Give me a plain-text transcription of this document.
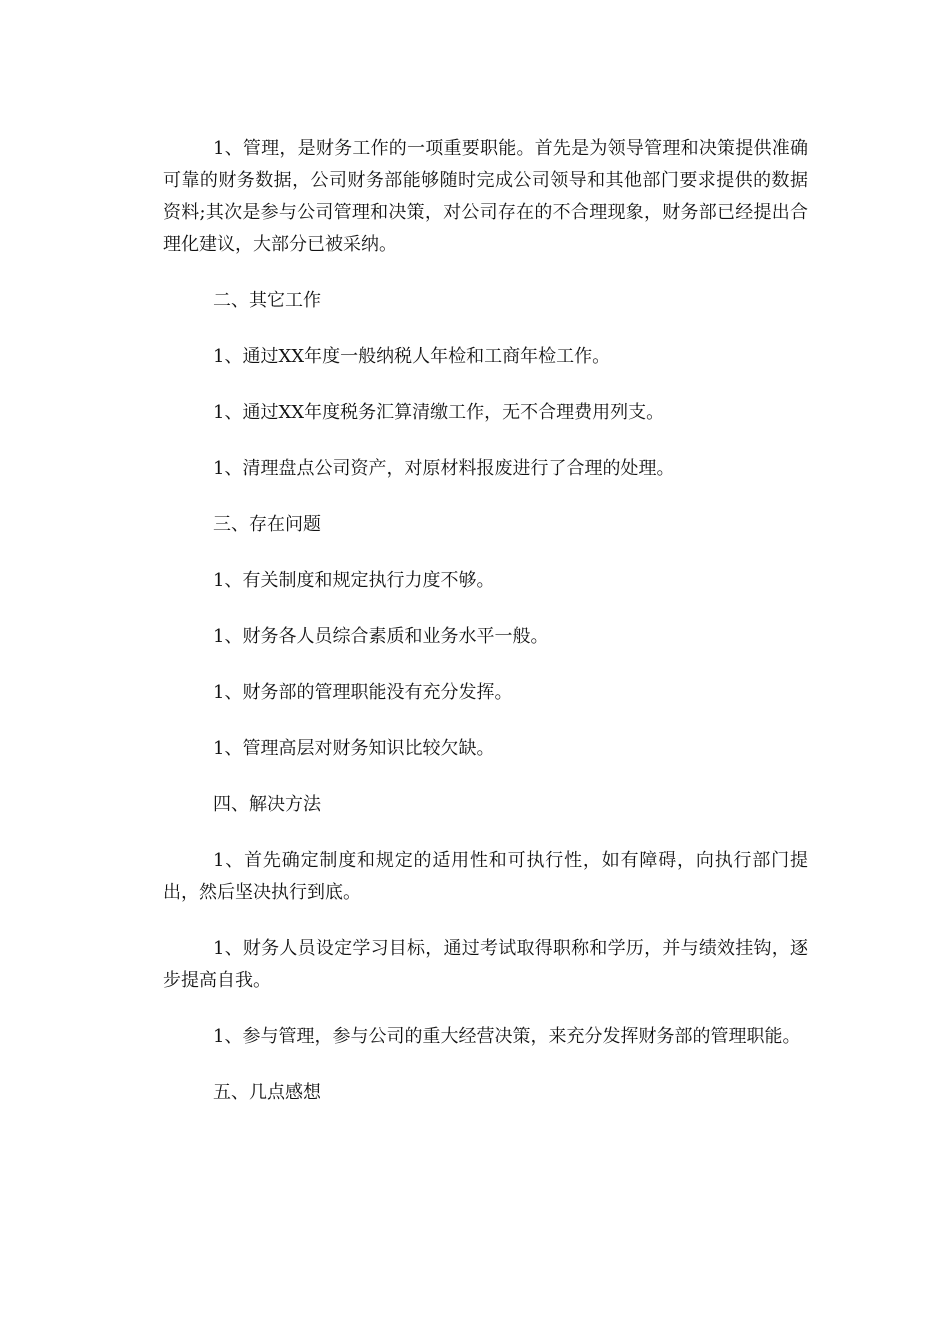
1、管理，是财务工作的一项重要职能。首先是为领导管理和决策提供准确可靠的财务数据，公司财务部能够随时完成公司领导和其他部门要求提供的数据资料;其次是参与公司管理和决策，对公司存在的不合理现象，财务部已经提出合理化建议，大部分已被采纳。

二、其它工作

1、通过XX年度一般纳税人年检和工商年检工作。

1、通过XX年度税务汇算清缴工作，无不合理费用列支。

1、清理盘点公司资产，对原材料报废进行了合理的处理。

三、存在问题

1、有关制度和规定执行力度不够。

1、财务各人员综合素质和业务水平一般。

1、财务部的管理职能没有充分发挥。

1、管理高层对财务知识比较欠缺。

四、解决方法

1、首先确定制度和规定的适用性和可执行性，如有障碍，向执行部门提出，然后坚决执行到底。

1、财务人员设定学习目标，通过考试取得职称和学历，并与绩效挂钩，逐步提高自我。

1、参与管理，参与公司的重大经营决策，来充分发挥财务部的管理职能。

五、几点感想
